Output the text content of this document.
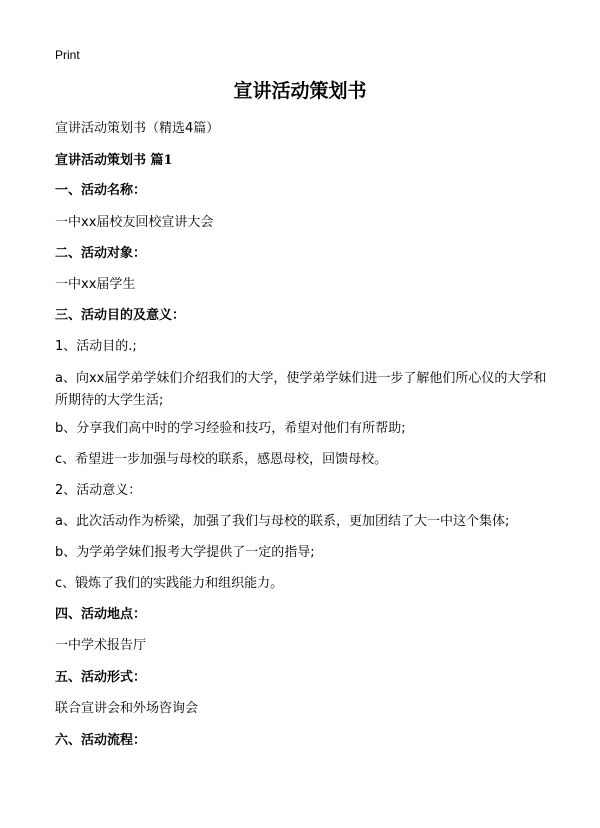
Print
宣讲活动策划书
宣讲活动策划书（精选4篇）
宣讲活动策划书 篇1
一、活动名称：
一中xx届校友回校宣讲大会
二、活动对象：
一中xx届学生
三、活动目的及意义：
1、活动目的.;
a、向xx届学弟学妹们介绍我们的大学，使学弟学妹们进一步了解他们所心仪的大学和所期待的大学生活;
b、分享我们高中时的学习经验和技巧，希望对他们有所帮助;
c、希望进一步加强与母校的联系，感恩母校，回馈母校。
2、活动意义：
a、此次活动作为桥梁，加强了我们与母校的联系，更加团结了大一中这个集体;
b、为学弟学妹们报考大学提供了一定的指导;
c、锻炼了我们的实践能力和组织能力。
四、活动地点：
一中学术报告厅
五、活动形式：
联合宣讲会和外场咨询会
六、活动流程：
